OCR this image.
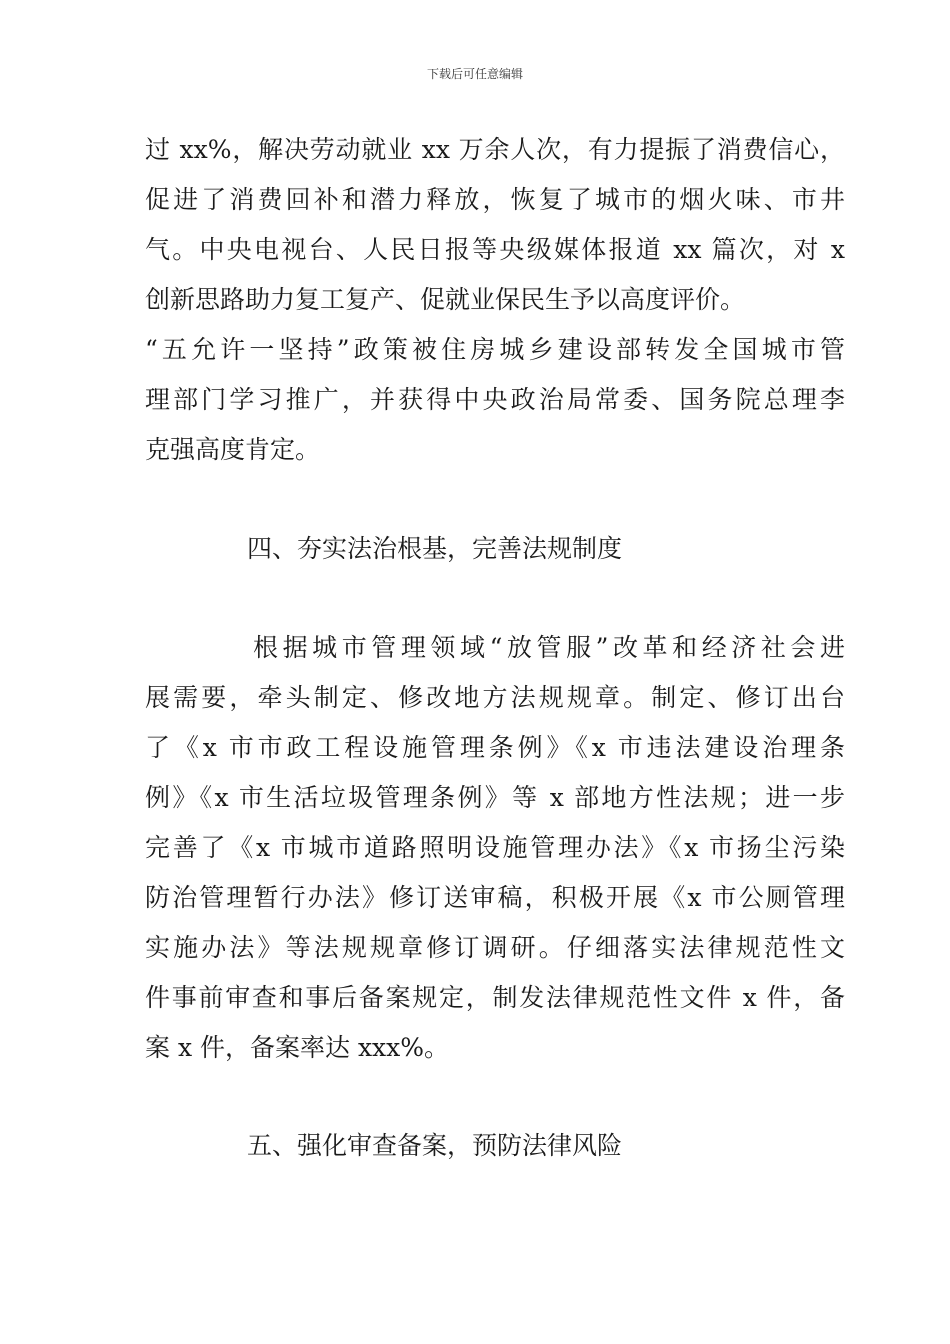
下载后可任意编辑
过 xx%，解决劳动就业 xx 万余人次，有力提振了消费信心，
促进了消费回补和潜力释放，恢复了城市的烟火味、市井
气。中央电视台、人民日报等央级媒体报道 xx 篇次，对 x
创新思路助力复工复产、促就业保民生予以高度评价。
“五允许一坚持”政策被住房城乡建设部转发全国城市管
理部门学习推广，并获得中央政治局常委、国务院总理李
克强高度肯定。
四、夯实法治根基，完善法规制度
根据城市管理领域“放管服”改革和经济社会进
展需要，牵头制定、修改地方法规规章。制定、修订出台
了《x 市市政工程设施管理条例》《x 市违法建设治理条
例》《x 市生活垃圾管理条例》等 x 部地方性法规；进一步
完善了《x 市城市道路照明设施管理办法》《x 市扬尘污染
防治管理暂行办法》修订送审稿，积极开展《x 市公厕管理
实施办法》等法规规章修订调研。仔细落实法律规范性文
件事前审查和事后备案规定，制发法律规范性文件 x 件，备
案 x 件，备案率达 xxx%。
五、强化审查备案，预防法律风险
